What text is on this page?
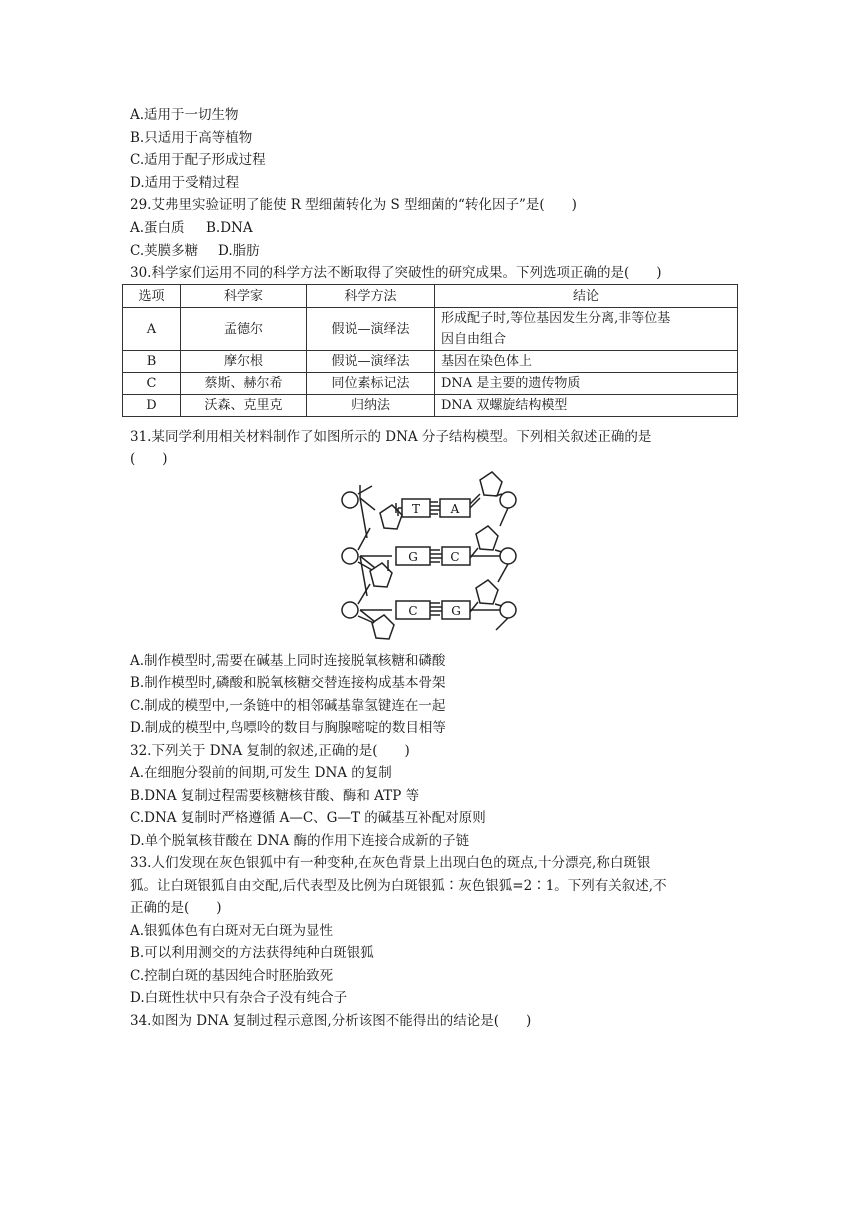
A.适用于一切生物
B.只适用于高等植物
C.适用于配子形成过程
D.适用于受精过程
29.艾弗里实验证明了能使 R 型细菌转化为 S 型细菌的“转化因子”是(　　)
A.蛋白质 B.DNA
C.荚膜多糖 D.脂肪
30.科学家们运用不同的科学方法不断取得了突破性的研究成果。下列选项正确的是(　　)
选项	科学家	科学方法	结论
A	孟德尔	假说—演绎法	形成配子时,等位基因发生分离,非等位基
因自由组合

B	摩尔根	假说—演绎法	基因在染色体上
C	蔡斯、赫尔希	同位素标记法	DNA 是主要的遗传物质
D	沃森、克里克	归纳法	DNA 双螺旋结构模型
31.某同学利用相关材料制作了如图所示的 DNA 分子结构模型。下列相关叙述正确的是
(　　)
T	A
G	C
C	G
A.制作模型时,需要在碱基上同时连接脱氧核糖和磷酸
B.制作模型时,磷酸和脱氧核糖交替连接构成基本骨架
C.制成的模型中,一条链中的相邻碱基靠氢键连在一起
D.制成的模型中,鸟嘌呤的数目与胸腺嘧啶的数目相等
32.下列关于 DNA 复制的叙述,正确的是(　　)
A.在细胞分裂前的间期,可发生 DNA 的复制
B.DNA 复制过程需要核糖核苷酸、酶和 ATP 等
C.DNA 复制时严格遵循 A—C、G—T 的碱基互补配对原则
D.单个脱氧核苷酸在 DNA 酶的作用下连接合成新的子链
33.人们发现在灰色银狐中有一种变种,在灰色背景上出现白色的斑点,十分漂亮,称白斑银
狐。让白斑银狐自由交配,后代表型及比例为白斑银狐∶灰色银狐=2∶1。下列有关叙述,不
正确的是(　　)
A.银狐体色有白斑对无白斑为显性
B.可以利用测交的方法获得纯种白斑银狐
C.控制白斑的基因纯合时胚胎致死
D.白斑性状中只有杂合子没有纯合子
34.如图为 DNA 复制过程示意图,分析该图不能得出的结论是(　　)
